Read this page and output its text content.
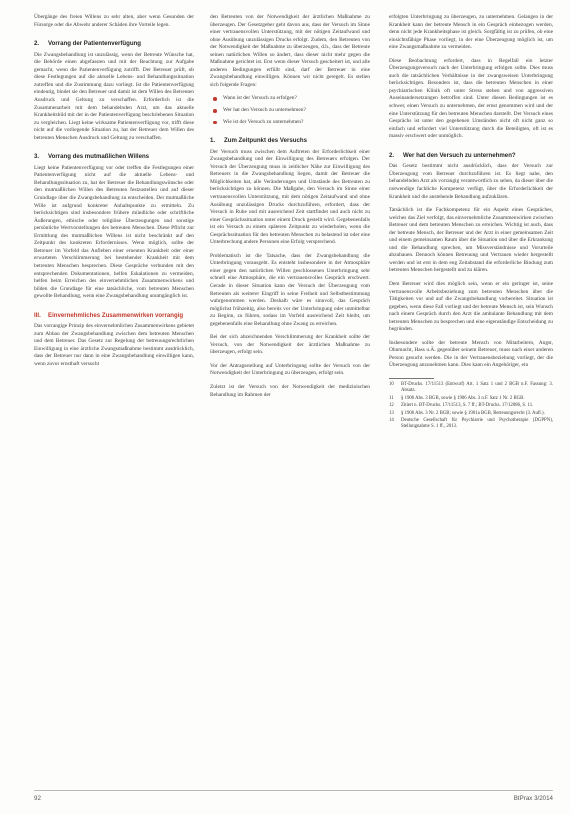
Übergänge des freien Willens zu sehr alten, aber wenn Gesunden der Fürsorge oder die Abwehr anderer Schäden ihre Vorteile legen.

2. Vorrang der Patientenverfügung

Die Zwangsbehandlung ist unzulässig, wenn der Betreute Wünsche hat, die Behörde einen abgefassten und mit der Beachtung zur Aufgabe gemacht, wenn die Patientenverfügung zutrifft. Der Betreuer prüft, ob diese Festlegungen auf die aktuelle Lebens- und Behandlungssituation zutreffen und die Zustimmung dazu vorliegt. Ist die Patientenverfügung eindeutig, bindet sie den Betreuer und damit ist dem Willen des Betreuten Ausdruck und Geltung zu verschaffen. Erforderlich ist die Zusammenarbeit mit dem behandelnden Arzt, um das aktuelle Krankheitsbild mit der in der Patientenverfügung beschriebenen Situation zu vergleichen. Liegt keine wirksame Patientenverfügung vor, trifft diese nicht auf die vorliegende Situation zu, hat der Betreuer dem Willen des betreuten Menschen Ausdruck und Geltung zu verschaffen.

3. Vorrang des mutmaßlichen Willens

Liegt keine Patientenverfügung vor oder treffen die Festlegungen einer Patientenverfügung nicht auf die aktuelle Lebens- und Behandlungssituation zu, hat der Betreuer die Behandlungswünsche oder den mutmaßlichen Willen des Betreuten festzustellen und auf dieser Grundlage über die Zwangsbehandlung zu entscheiden. Der mutmaßliche Wille ist aufgrund konkreter Anhaltspunkte zu ermitteln. Zu berücksichtigen sind insbesondere frühere mündliche oder schriftliche Äußerungen, ethische oder religiöse Überzeugungen und sonstige persönliche Wertvorstellungen des betreuten Menschen. Diese Pflicht zur Ermittlung des mutmaßlichen Willens ist nicht beschränkt auf den Zeitpunkt des konkreten Erfordernisses. Wenn möglich, sollte der Betreuer im Vorfeld das Aufleben einer erneuten Krankheit oder einer erwarteten Verschlimmerung bei bestehender Krankheit mit dem betreuten Menschen besprechen. Diese Gespräche verbunden mit den entsprechenden Dokumentationen, helfen Eskalationen zu vermeiden, helfen beim Erreichen des einvernehmlichen Zusammenwirkens und bilden die Grundlage für eine tatsächliche, vom betreuten Menschen gewollte Behandlung, wenn eine Zwangsbehandlung unumgänglich ist.

III. Einvernehmliches Zusammenwirken vorrangig

Das vorrangige Prinzip des einvernehmlichen Zusammenwirkens gebietet zum Abbau der Zwangsbehandlung zwischen dem betreuten Menschen und dem Betreuer. Das Gesetz zur Regelung der betreuungsrechtlichen Einwilligung in eine ärztliche Zwangsmaßnahme bestimmt ausdrücklich, dass der Betreuer nur dann in eine Zwangsbehandlung einwilligen kann, wenn zuvor ernsthaft versucht

den Betreuten von der Notwendigkeit der ärztlichen Maßnahme zu überzeugen. Der Gesetzgeber geht davon aus, dass der Versuch im Sinne einer vertrauensvollen Unterstützung, mit der nötigen Zeitaufwand und ohne Ausübung unzulässigen Drucks erfolgt. Zudem, den Betreuten von der Notwendigkeit der Maßnahme zu überzeugen, d.h., dass der Betreute seinen natürlichen Willen so ändert, dass dieser nicht mehr gegen die Maßnahme gerichtet ist. Erst wenn dieser Versuch gescheitert ist, und alle anderen Bedingungen erfüllt sind, darf der Betreuer in eine Zwangsbehandlung einwilligen. Können wir nicht geregelt. Es stellen sich folgende Fragen:

Wann ist der Versuch zu erfolgen?
Wer hat den Versuch zu unternehmen?
Wie ist der Versuch zu unternehmen?
1. Zum Zeitpunkt des Versuchs

Der Versuch muss zwischen dem Auftreten der Erforderlichkeit einer Zwangsbehandlung und der Einwilligung des Betreuers erfolgen. Der Versuch der Überzeugung muss in zeitlicher Nähe zur Einwilligung des Betreuers in die Zwangsbehandlung liegen, damit der Betreuer die Möglichkeiten hat, alle Veränderungen und Umstände des Betreuten zu berücksichtigen zu können. Die Maßgabe, den Versuch im Sinne einer vertrauensvollen Unterstützung, mit dem nötigen Zeitaufwand und ohne Ausübung unzulässigen Drucks durchzuführen, erfordert, dass der Versuch in Ruhe und mit ausreichend Zeit stattfindet und auch nicht zu einer Gesprächssituation unter einem Druck gestellt wird. Gegebenenfalls ist ein Versuch zu einem späteren Zeitpunkt zu wiederholen, wenn die Gesprächssituation für den betreuten Menschen zu belastend ist oder eine Unterbrechung andere Personen eine Erfolg versprechend.

Problematisch ist die Tatsache, dass der Zwangsbehandlung die Unterbringung vorausgeht. Es entsteht insbesondere in der Atmosphäre einer gegen den natürlichen Willen geschlossenen Unterbringung sehr schnell eine Atmosphäre, die ein vertrauensvolles Gespräch erschwert. Gerade in dieser Situation kann der Versuch der Überzeugung vom Betreuten als weiterer Eingriff in seine Freiheit und Selbstbestimmung wahrgenommen werden. Deshalb wäre es sinnvoll, das Gespräch möglichst frühzeitig, also bereits vor der Unterbringung oder unmittelbar zu Beginn, zu führen, sodass im Vorfeld ausreichend Zeit bleibt, um gegebenenfalls eine Behandlung ohne Zwang zu erreichen.

Bei der sich abzeichnenden Verschlimmerung der Krankheit sollte der Versuch, von der Notwendigkeit der ärztlichen Maßnahme zu überzeugen, erfolgt sein.

Vor der Antragsstellung auf Unterbringung sollte der Versuch von der Notwendigkeit der Unterbringung zu überzeugen, erfolgt sein.

Zuletzt ist der Versuch von der Notwendigkeit der medizinischen Behandlung im Rahmen der

erfolgten Unterbringung zu überzeugen, zu unternehmen. Gelangen in der Krankheit kann der betreute Mensch in ein Gespräch einbezogen werden, denn nicht jede Krankheitsphase ist gleich. Sorgfältig ist zu prüfen, ob eine einsichtsfähige Phase vorliegt, in der eine Überzeugung möglich ist, um eine Zwangsmaßnahme zu vermeiden.

Diese Beobachtung erfordert, dass in Regelfall ein letzter Überzeugungsversuch nach der Unterbringung erfolgen sollte. Dies muss auch die tatsächlichen Verhältnisse in der zwangsweisen Unterbringung berücksichtigen. Besonders ist, dass die betreuten Menschen in einer psychiatrischen Klinik oft unter Stress stehen und von aggressiven Auseinandersetzungen betroffen sind. Unter diesen Bedingungen ist es schwer, einen Versuch zu unternehmen, der ernst genommen wird und der eine Unterstützung für den betreuten Menschen darstellt. Der Versuch eines Gesprächs ist unter den gegebenen Umständen nicht oft nicht ganz so einfach und erfordert viel Unterstützung durch die Beteiligten, oft ist es massiv erschwert oder unmöglich.

2. Wer hat den Versuch zu unternehmen?

Das Gesetz bestimmt nicht ausdrücklich, dass der Versuch zur Überzeugung vom Betreuer durchzuführen ist. Es liegt nahe, den behandelnden Arzt als vorrangig verantwortlich zu sehen, da dieser über die notwendige fachliche Kompetenz verfügt, über die Erforderlichkeit der Krankheit und die anstehende Behandlung aufzuklären.

Tatsächlich ist die Fachkompetenz für ein Aspekt eines Gespräches, welches das Ziel verfolgt, das einvernehmliche Zusammenwirken zwischen Betreuer und dem betreuten Menschen zu erreichen. Wichtig ist auch, dass der betreute Mensch, der Betreuer und der Arzt in einer gemeinsamen Zeit und einem gemeinsamen Raum über die Situation und über die Erkrankung und die Behandlung sprechen, um Missverständnisse und Vorurteile abzubauen. Dennoch können Betreuung und Vertrauen wieder hergestellt werden und ist erst in dem eng Zeitabstand die erforderliche Bindung zum betreuten Menschen hergestellt und zu klären.

Dem Betreuer wird dies möglich sein, wenn er ein geringer ist, seine vertrauensvolle Arbeitsbeziehung zum betreuten Menschen über die Tätigkeiten vor und auf die Zwangsbehandlung vorbereitet. Situation ist gegeben, wenn diese Fall vorliegt und der betreute Mensch ist, sein Wunsch nach einem Gespräch durch den Arzt die ambulante Behandlung mit dem betreuten Menschen zu besprechen und eine eigenständige Entscheidung zu begründen.

Insbesondere sollte der betreute Mensch von Mitarbeitern, Angst, Ohnmacht, Hass u.Ä. gegenüber seinem Betreuer, muss nach einer anderen Person gesucht werden. Die in der Vertrauensbeziehung vorliegt, der die Überzeugung anzunehmen kann. Dies kann ein Angehöriger, ein

10	BT-Drucks. 17/11513 (Entwurf) Art. 1 Satz 1 und 2 BGB n.F. Fassung: 3. Absatz.
11	§ 1906 Abs. 3 BGB, sowie § 1906 Abs. 3 n.F. Satz 1 Nr. 2 BGB.
12	Zitiert n. BT-Drucks. 17/11513, S. 7 ff.; BT-Drucks. 17/12086, S. 11.
13	§ 1906 Abs. 3 Nr. 2 BGB; sowie § 1901a BGB, Betreuungsrecht (3. Aufl.).
14	Deutsche Gesellschaft für Psychiatrie und Psychotherapie (DGPPN), Stellungnahme S. 1 ff., 2013.
92	BtPrax 3/2014
